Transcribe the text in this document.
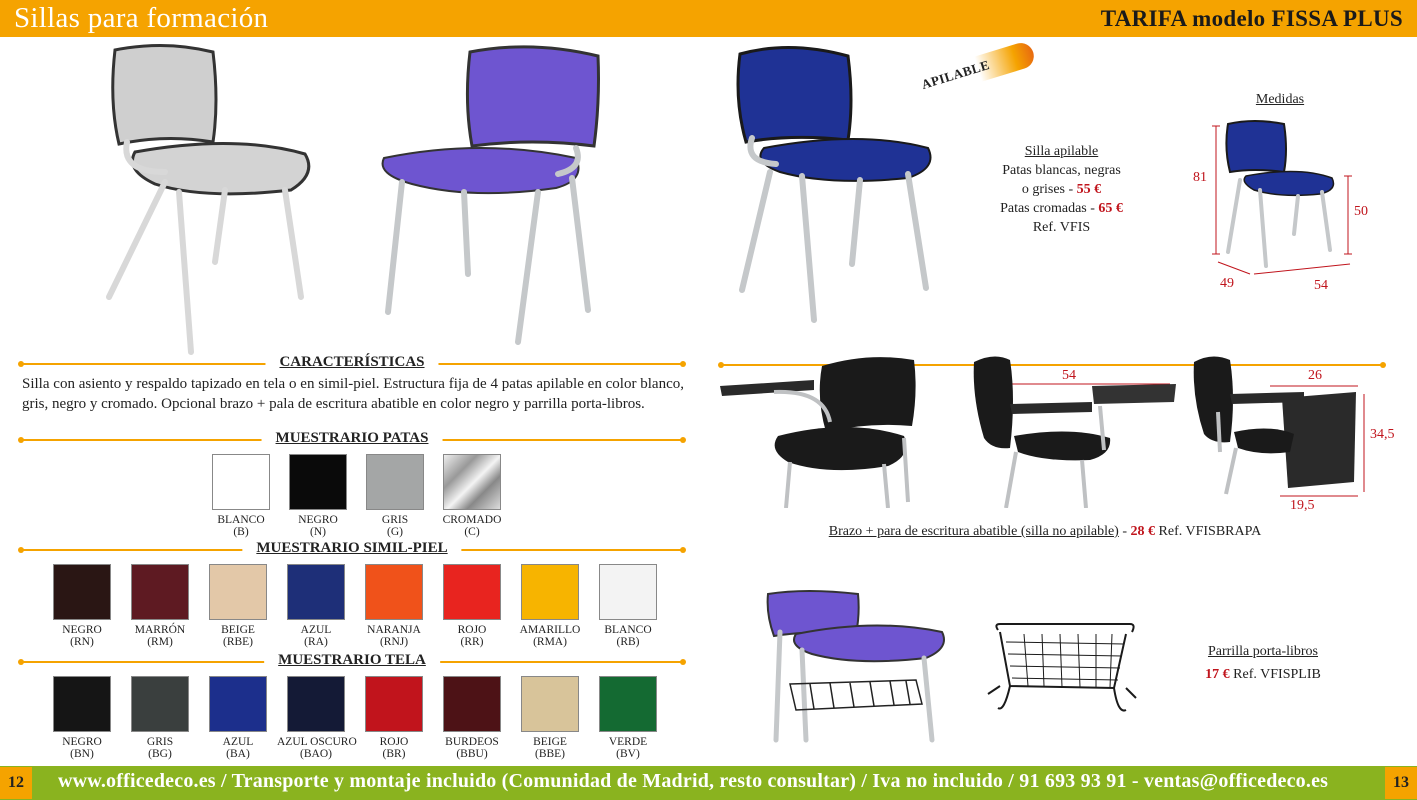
Sillas para formación	TARIFA modelo FISSA PLUS
www.officedeco.es / Transporte y montaje incluido (Comunidad de Madrid, resto consultar) / Iva no incluido / 91 693 93 91 - ventas@officedeco.es
12	13
APILABLE
Silla apilable
Patas blancas, negras
o grises - 55 €
Patas cromadas - 65 €
Ref. VFIS
Medidas
81
50
49	54
CARACTERÍSTICAS
Silla con asiento y respaldo tapizado en tela o en simil-piel. Estructura fija de 4 patas apilable en color blanco, gris, negro y cromado. Opcional brazo + pala de escritura abatible en color negro y parrilla porta-libros.
MUESTRARIO PATAS
BLANCO
(B)
NEGRO
(N)
GRIS
(G)
CROMADO
(C)
MUESTRARIO SIMIL-PIEL
NEGRO
(RN)
MARRÓN
(RM)
BEIGE
(RBE)
AZUL
(RA)
NARANJA
(RNJ)
ROJO
(RR)
AMARILLO
(RMA)
BLANCO
(RB)
MUESTRARIO TELA
NEGRO
(BN)
GRIS
(BG)
AZUL
(BA)
AZUL OSCURO
(BAO)
ROJO
(BR)
BURDEOS
(BBU)
BEIGE
(BBE)
VERDE
(BV)
54	26
34,5
19,5
Brazo + para de escritura abatible (silla no apilable) - 28 € Ref. VFISBRAPA
Parrilla porta-libros
17 € Ref. VFISPLIB
